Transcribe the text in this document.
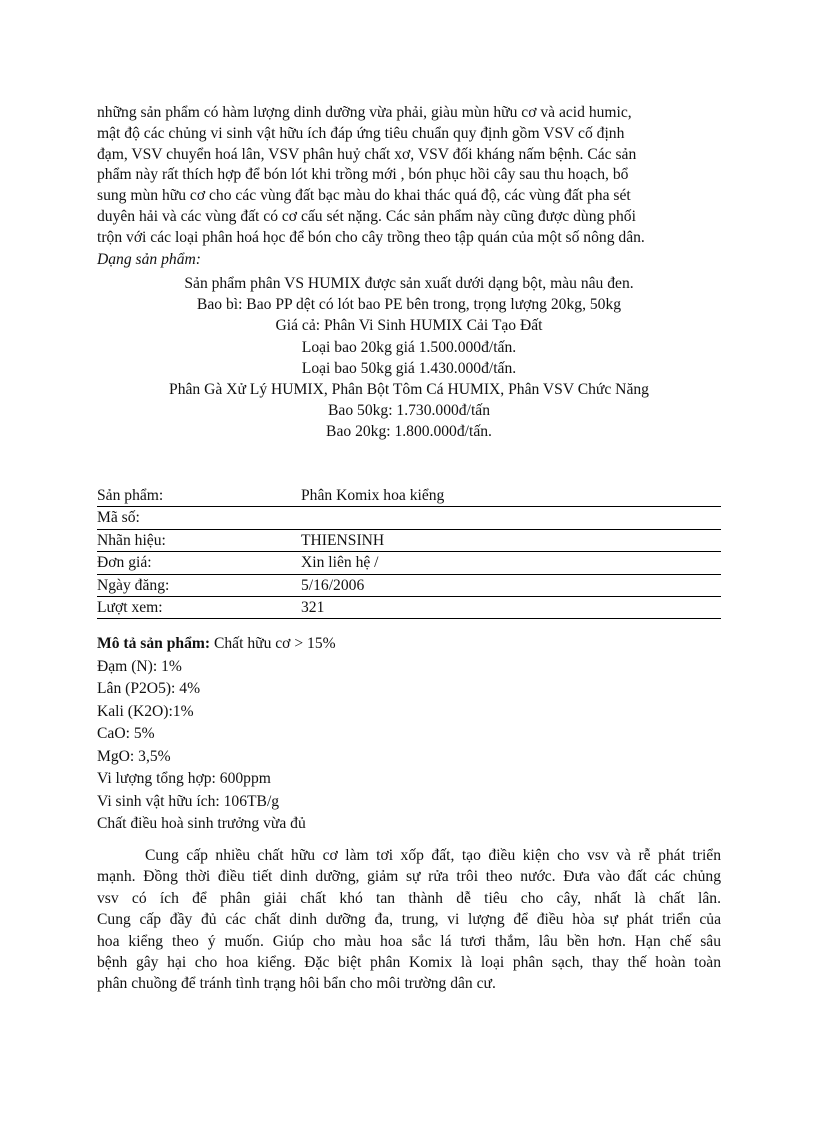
những sản phẩm có hàm lượng dinh dưỡng vừa phải, giàu mùn hữu cơ và acid humic,
mật độ các chủng vi sinh vật hữu ích đáp ứng tiêu chuẩn quy định gồm VSV cố định
đạm, VSV chuyển hoá lân, VSV phân huỷ chất xơ, VSV đối kháng nấm bệnh. Các sản
phẩm này rất thích hợp để bón lót khi trồng mới , bón phục hồi cây sau thu hoạch, bổ
sung mùn hữu cơ cho các vùng đất bạc màu do khai thác quá độ, các vùng đất pha sét
duyên hải và các vùng đất có cơ cấu sét nặng. Các sản phẩm này cũng được dùng phối
trộn với các loại phân hoá học để bón cho cây trồng theo tập quán của một số nông dân.
Dạng sản phẩm:
Sản phẩm phân VS HUMIX được sản xuất dưới dạng bột, màu nâu đen.
Bao bì: Bao PP dệt có lót bao PE bên trong, trọng lượng 20kg, 50kg
Giá cả: Phân Vi Sinh HUMIX Cải Tạo Đất
Loại bao 20kg giá 1.500.000đ/tấn.
Loại bao 50kg giá 1.430.000đ/tấn.
Phân Gà Xử Lý HUMIX, Phân Bột Tôm Cá HUMIX, Phân VSV Chức Năng
Bao 50kg: 1.730.000đ/tấn
Bao 20kg: 1.800.000đ/tấn.
Sản phẩm:	Phân Komix hoa kiểng
Mã số:
Nhãn hiệu:	THIENSINH
Đơn giá:	Xin liên hệ /
Ngày đăng:	5/16/2006
Lượt xem:	321
Mô tả sản phẩm: Chất hữu cơ > 15%
Đạm (N): 1%
Lân (P2O5): 4%
Kali (K2O):1%
CaO: 5%
MgO: 3,5%
Vi lượng tổng hợp: 600ppm
Vi sinh vật hữu ích: 106TB/g
Chất điều hoà sinh trưởng vừa đủ
Cung cấp nhiều chất hữu cơ làm tơi xốp đất, tạo điều kiện cho vsv và rễ phát triển
mạnh. Đồng thời điều tiết dinh dưỡng, giảm sự rửa trôi theo nước. Đưa vào đất các chủng
vsv có ích để phân giải chất khó tan thành dễ tiêu cho cây, nhất là chất lân.
Cung cấp đầy đủ các chất dinh dưỡng đa, trung, vi lượng để điều hòa sự phát triển của
hoa kiểng theo ý muốn. Giúp cho màu hoa sắc lá tươi thắm, lâu bền hơn. Hạn chế sâu
bệnh gây hại cho hoa kiểng. Đặc biệt phân Komix là loại phân sạch, thay thế hoàn toàn
phân chuồng để tránh tình trạng hôi bẩn cho môi trường dân cư.
